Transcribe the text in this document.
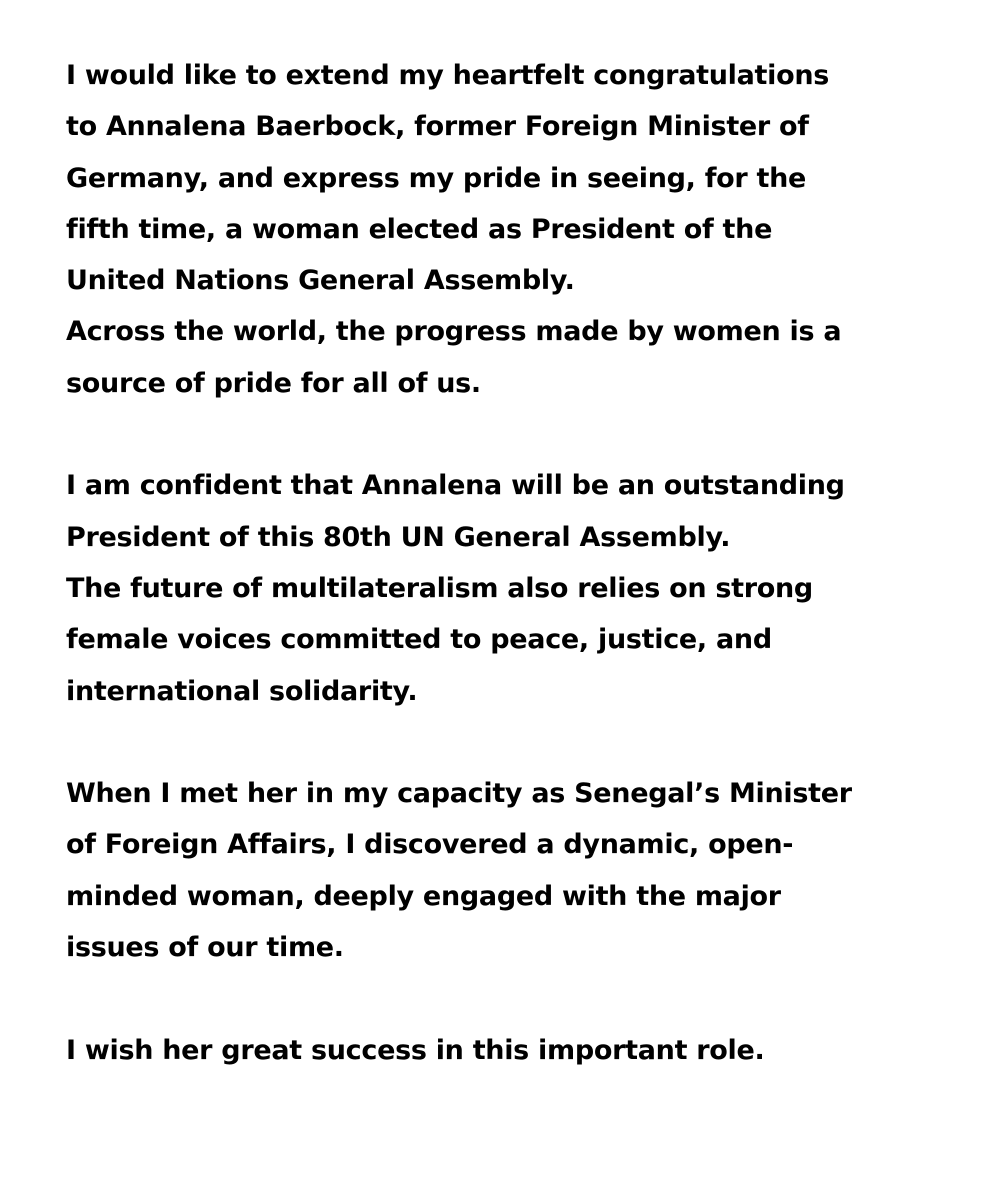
I would like to extend my heartfelt congratulations
to Annalena Baerbock, former Foreign Minister of
Germany, and express my pride in seeing, for the
fifth time, a woman elected as President of the
United Nations General Assembly.
Across the world, the progress made by women is a
source of pride for all of us.
I am confident that Annalena will be an outstanding
President of this 80th UN General Assembly.
The future of multilateralism also relies on strong
female voices committed to peace, justice, and
international solidarity.
When I met her in my capacity as Senegal’s Minister
of Foreign Affairs, I discovered a dynamic, open-
minded woman, deeply engaged with the major
issues of our time.
I wish her great success in this important role.
